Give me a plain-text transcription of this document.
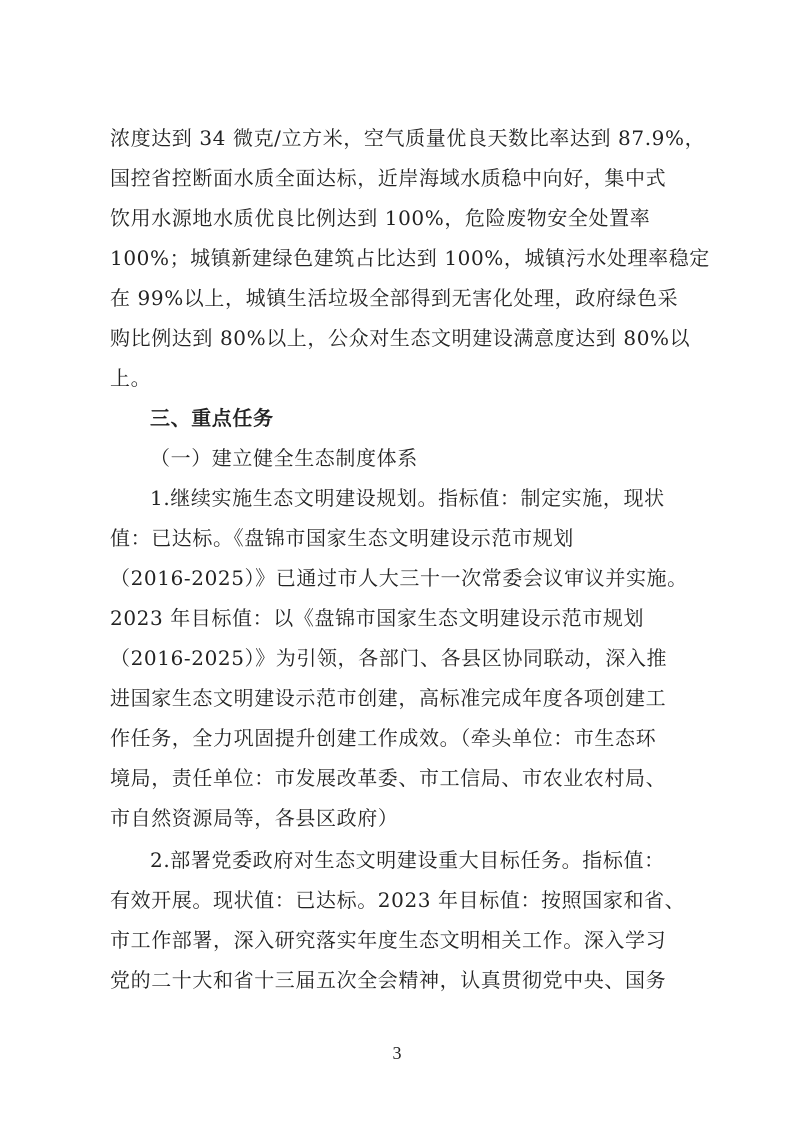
浓度达到 34 微克/立方米，空气质量优良天数比率达到 87.9%，
国控省控断面水质全面达标，近岸海域水质稳中向好，集中式
饮用水源地水质优良比例达到 100%，危险废物安全处置率
100%；城镇新建绿色建筑占比达到 100%，城镇污水处理率稳定
在 99%以上，城镇生活垃圾全部得到无害化处理，政府绿色采
购比例达到 80%以上，公众对生态文明建设满意度达到 80%以
上。
三、重点任务
（一）建立健全生态制度体系
1.继续实施生态文明建设规划。指标值：制定实施，现状
值：已达标。《盘锦市国家生态文明建设示范市规划
（2016-2025）》已通过市人大三十一次常委会议审议并实施。
2023 年目标值：以《盘锦市国家生态文明建设示范市规划
（2016-2025）》为引领，各部门、各县区协同联动，深入推
进国家生态文明建设示范市创建，高标准完成年度各项创建工
作任务，全力巩固提升创建工作成效。（牵头单位：市生态环
境局，责任单位：市发展改革委、市工信局、市农业农村局、
市自然资源局等，各县区政府）
2.部署党委政府对生态文明建设重大目标任务。指标值：
有效开展。现状值：已达标。2023 年目标值：按照国家和省、
市工作部署，深入研究落实年度生态文明相关工作。深入学习
党的二十大和省十三届五次全会精神，认真贯彻党中央、国务
3
